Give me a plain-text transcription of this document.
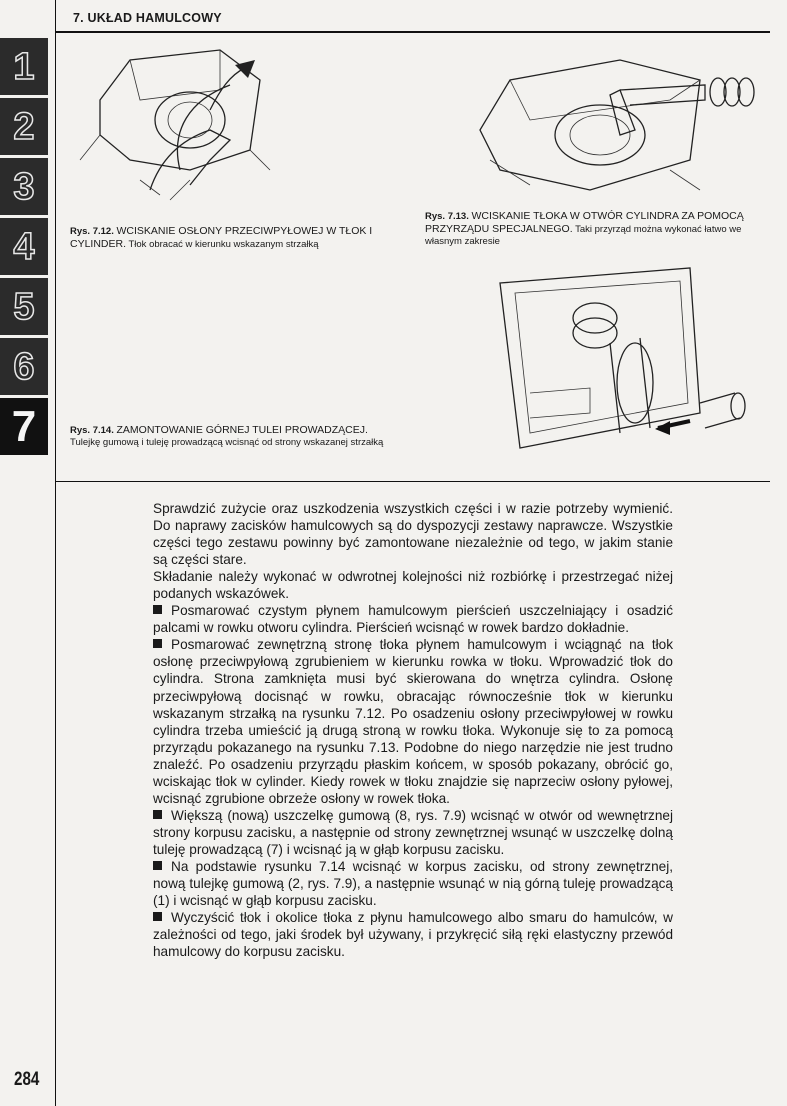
7. UKŁAD HAMULCOWY
1
2
3
4
5
6
7
Rys. 7.12. WCISKANIE OSŁONY PRZECIWPYŁOWEJ W TŁOK I CYLINDER. Tłok obracać w kierunku wskazanym strzałką
Rys. 7.13. WCISKANIE TŁOKA W OTWÓR CYLINDRA ZA POMOCĄ PRZYRZĄDU SPECJALNEGO. Taki przyrząd można wykonać łatwo we własnym zakresie
Rys. 7.14. ZAMONTOWANIE GÓRNEJ TULEI PROWADZĄCEJ. Tulejkę gumową i tuleję prowadzącą wcisnąć od strony wskazanej strzałką

Sprawdzić zużycie oraz uszkodzenia wszystkich części i w razie potrzeby wymienić. Do naprawy zacisków hamulcowych są do dyspozycji zestawy naprawcze. Wszystkie części tego zestawu powinny być zamontowane niezależnie od tego, w jakim stanie są części stare.

Składanie należy wykonać w odwrotnej kolejności niż rozbiórkę i przestrzegać niżej podanych wskazówek.

Posmarować czystym płynem hamulcowym pierścień uszczelniający i osadzić palcami w rowku otworu cylindra. Pierścień wcisnąć w rowek bardzo dokładnie.

Posmarować zewnętrzną stronę tłoka płynem hamulcowym i wciągnąć na tłok osłonę przeciwpyłową zgrubieniem w kierunku rowka w tłoku. Wprowadzić tłok do cylindra. Strona zamknięta musi być skierowana do wnętrza cylindra. Osłonę przeciwpyłową docisnąć w rowku, obracając równocześnie tłok w kierunku wskazanym strzałką na rysunku 7.12. Po osadzeniu osłony przeciwpyłowej w rowku cylindra trzeba umieścić ją drugą stroną w rowku tłoka. Wykonuje się to za pomocą przyrządu pokazanego na rysunku 7.13. Podobne do niego narzędzie nie jest trudno znaleźć. Po osadzeniu przyrządu płaskim końcem, w sposób pokazany, obrócić go, wciskając tłok w cylinder. Kiedy rowek w tłoku znajdzie się naprzeciw osłony pyłowej, wcisnąć zgrubione obrzeże osłony w rowek tłoka.

Większą (nową) uszczelkę gumową (8, rys. 7.9) wcisnąć w otwór od wewnętrznej strony korpusu zacisku, a następnie od strony zewnętrznej wsunąć w uszczelkę dolną tuleję prowadzącą (7) i wcisnąć ją w głąb korpusu zacisku.

Na podstawie rysunku 7.14 wcisnąć w korpus zacisku, od strony zewnętrznej, nową tulejkę gumową (2, rys. 7.9), a następnie wsunąć w nią górną tuleję prowadzącą (1) i wcisnąć w głąb korpusu zacisku.

Wyczyścić tłok i okolice tłoka z płynu hamulcowego albo smaru do hamulców, w zależności od tego, jaki środek był używany, i przykręcić siłą ręki elastyczny przewód hamulcowy do korpusu zacisku.

284
